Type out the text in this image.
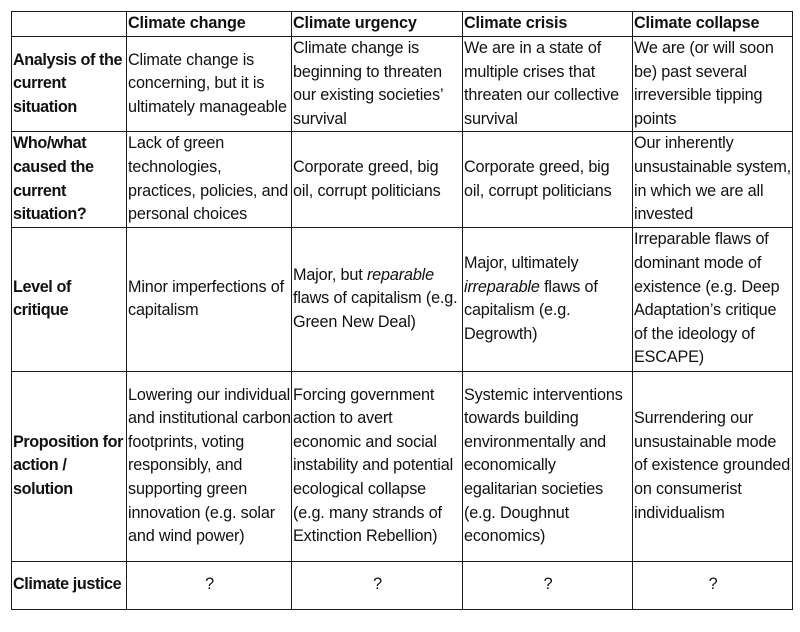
	Climate change	Climate urgency	Climate crisis	Climate collapse
Analysis of the current situation	Climate change is concerning, but it is ultimately manageable	Climate change is beginning to threaten our existing societies’ survival	We are in a state of multiple crises that threaten our collective survival	We are (or will soon be) past several irreversible tipping points
Who/what caused the current situation?	Lack of green technologies, practices, policies, and personal choices	Corporate greed, big oil, corrupt politicians	Corporate greed, big oil, corrupt politicians	Our inherently unsustainable system, in which we are all invested
Level of critique	Minor imperfections of capitalism	Major, but reparable flaws of capitalism (e.g. Green New Deal)	Major, ultimately irreparable flaws of capitalism (e.g. Degrowth)	Irreparable flaws of dominant mode of existence (e.g. Deep Adaptation’s critique of the ideology of ESCAPE)
Proposition for action / solution	Lowering our individual and institutional carbon footprints, voting responsibly, and supporting green innovation (e.g. solar and wind power)	Forcing government action to avert economic and social instability and potential ecological collapse (e.g. many strands of Extinction Rebellion)	Systemic interventions towards building environmentally and economically egalitarian societies (e.g. Doughnut economics)	Surrendering our unsustainable mode of existence grounded on consumerist individualism
Climate justice	?	?	?	?
